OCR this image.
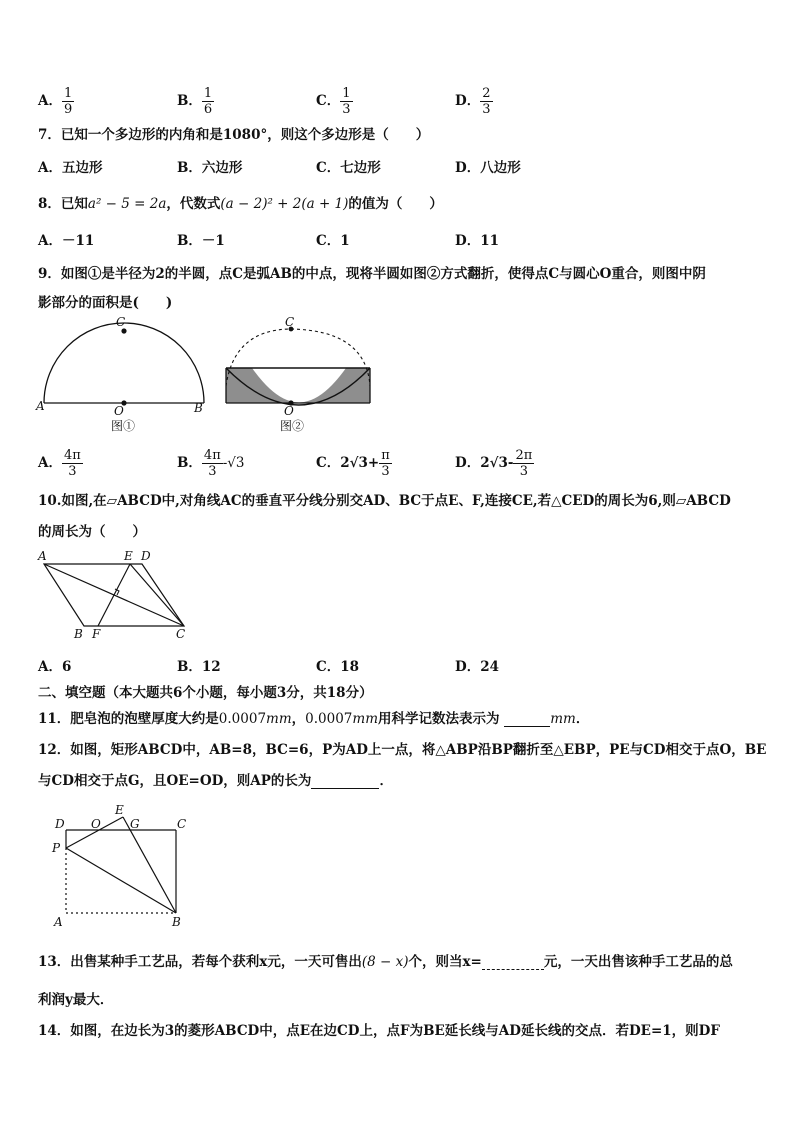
A． $\frac{1}{9}$	B． $\frac{1}{6}$	C． $\frac{1}{3}$	D． $\frac{2}{3}$
7．已知一个多边形的内角和是1080°，则这个多边形是（　　）
A．五边形	B．六边形	C．七边形	D．八边形
8．已知a² − 5 = 2a，代数式(a − 2)² + 2(a + 1)的值为（　　）
A．－11	B．－1	C．1	D．11
9．如图①是半径为2的半圆，点C是弧AB的中点，现将半圆如图②方式翻折，使得点C与圆心O重合，则图中阴
影部分的面积是(　　)
C
A	B
O
图①
C
O
图②
A． $\frac{4\pi}{3}$	B． $\frac{4\pi}{3} -√3$	C．$2√3+ \frac{\pi}{3}$	D．$2√3- \frac{2\pi}{3}$
10.如图,在▱ABCD中,对角线AC的垂直平分线分别交AD、BC于点E、F,连接CE,若△CED的周长为6,则▱ABCD
的周长为（　　）
A	E D
B F	C
A．6	B．12	C．18	D．24
二、填空题（本大题共6个小题，每小题3分，共18分）
11．肥皂泡的泡壁厚度大约是0.0007mm，0.0007mm用科学记数法表示为	mm．
12．如图，矩形ABCD中，AB=8，BC=6，P为AD上一点，将△ABP沿BP翻折至△EBP，PE与CD相交于点O，BE
与CD相交于点G，且OE=OD，则AP的长为	．
D O
E
G	C
P
A	B
13．出售某种手工艺品，若每个获利x元，一天可售出(8 − x)个，则当x=	元，一天出售该种手工艺品的总
利润y最大．
14．如图，在边长为3的菱形ABCD中，点E在边CD上，点F为BE延长线与AD延长线的交点．若DE=1，则DF
